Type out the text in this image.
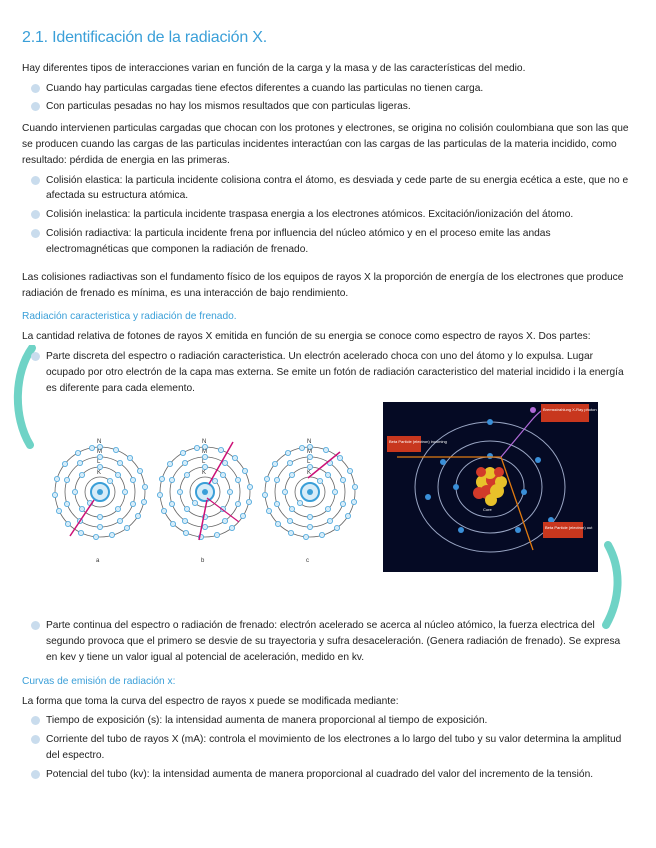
2.1. Identificación de la radiación X.

Hay diferentes tipos de interacciones varian en función de la carga y la masa y de las características del medio.

Cuando hay particulas cargadas tiene efectos diferentes a cuando las particulas no tienen carga.
Con particulas pesadas no hay los mismos resultados que con particulas ligeras.

Cuando intervienen particulas cargadas que chocan con los protones y electrones, se origina no colisión coulombiana que son las que se producen cuando las cargas de las particulas incidentes interactúan con las cargas de las particulas de la materia incidido, como resultado: pérdida de energia en las primeras.

Colisión elastica: la particula incidente colisiona contra el átomo, es desviada y cede parte de su energia ecética a este, que no e afectada su estructura atómica.
Colisión inelastica: la particula incidente traspasa energia a los electrones atómicos. Excitación/ionización del átomo.
Colisión radiactiva: la particula incidente frena por influencia del núcleo atómico y en el proceso emite las andas electromagnéticas que componen la radiación de frenado.

Las colisiones radiactivas son el fundamento físico de los equipos de rayos X la proporción de energía de los electrones que produce radiación de frenado es mínima, es una interacción de bajo rendimiento.

Radiación caracteristica y radiación de frenado.

La cantidad relativa de fotones de rayos X emitida en función de su energia se conoce como espectro de rayos X. Dos partes:

Parte discreta del espectro o radiación caracteristica. Un electrón acelerado choca con uno del átomo y lo expulsa. Lugar ocupado por otro electrón de la capa mas externa. Se emite un fotón de radiación caracteristico del material incidido i la energía es diferente para cada elemento.
N
M
L
K
a
N
M
L
K
b
N
M
L
K
c
Beta Particle (electron) incoming
Bremsstrahlung X-Ray photon
Beta Particle (electron) out
Core
Parte continua del espectro o radiación de frenado: electrón acelerado se acerca al núcleo atómico, la fuerza electrica del segundo provoca que el primero se desvie de su trayectoria y sufra desaceleración. (Genera radiación de frenado). Se expresa en kev y tiene un valor igual al potencial de aceleración, medido en kv.
Curvas de emisión de radiación x:

La forma que toma la curva del espectro de rayos x puede se modificada mediante:

Tiempo de exposición (s): la intensidad aumenta de manera proporcional al tiempo de exposición.
Corriente del tubo de rayos X (mA): controla el movimiento de los electrones a lo largo del tubo y su valor determina la amplitud del espectro.
Potencial del tubo (kv): la intensidad aumenta de manera proporcional al cuadrado del valor del incremento de la tensión.
